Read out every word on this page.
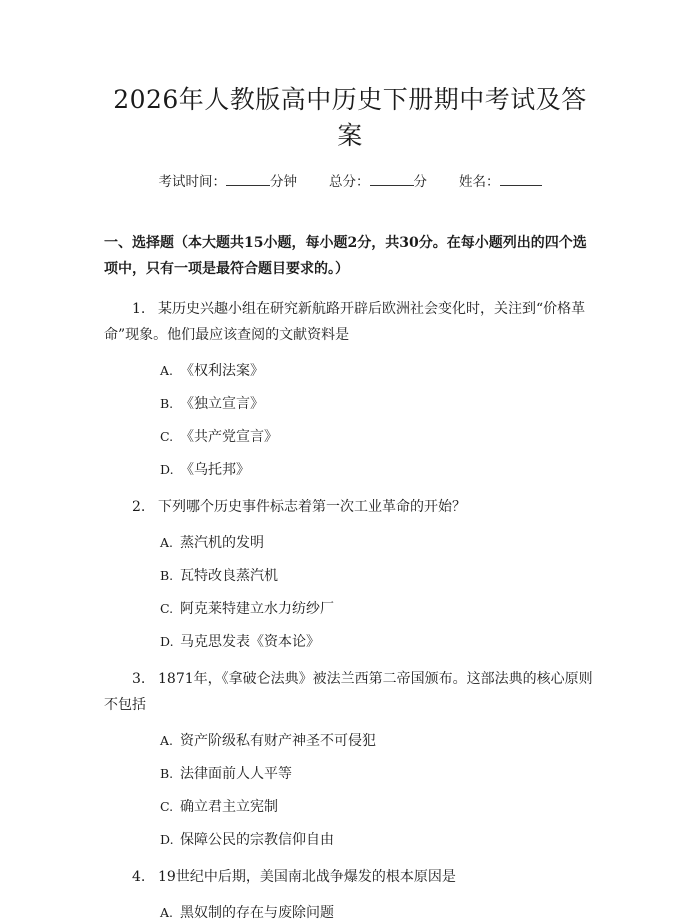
2026年人教版高中历史下册期中考试及答案
考试时间：	分钟 总分：	分 姓名：
一、选择题（本大题共15小题，每小题2分，共30分。在每小题列出的四个选项中，只有一项是最符合题目要求的。）
1. 某历史兴趣小组在研究新航路开辟后欧洲社会变化时，关注到“价格革命”现象。他们最应该查阅的文献资料是
A. 《权利法案》
B. 《独立宣言》
C. 《共产党宣言》
D. 《乌托邦》
2. 下列哪个历史事件标志着第一次工业革命的开始？
A. 蒸汽机的发明
B. 瓦特改良蒸汽机
C. 阿克莱特建立水力纺纱厂
D. 马克思发表《资本论》
3. 1871年，《拿破仑法典》被法兰西第二帝国颁布。这部法典的核心原则不包括
A. 资产阶级私有财产神圣不可侵犯
B. 法律面前人人平等
C. 确立君主立宪制
D. 保障公民的宗教信仰自由
4. 19世纪中后期，美国南北战争爆发的根本原因是
A. 黑奴制的存在与废除问题
